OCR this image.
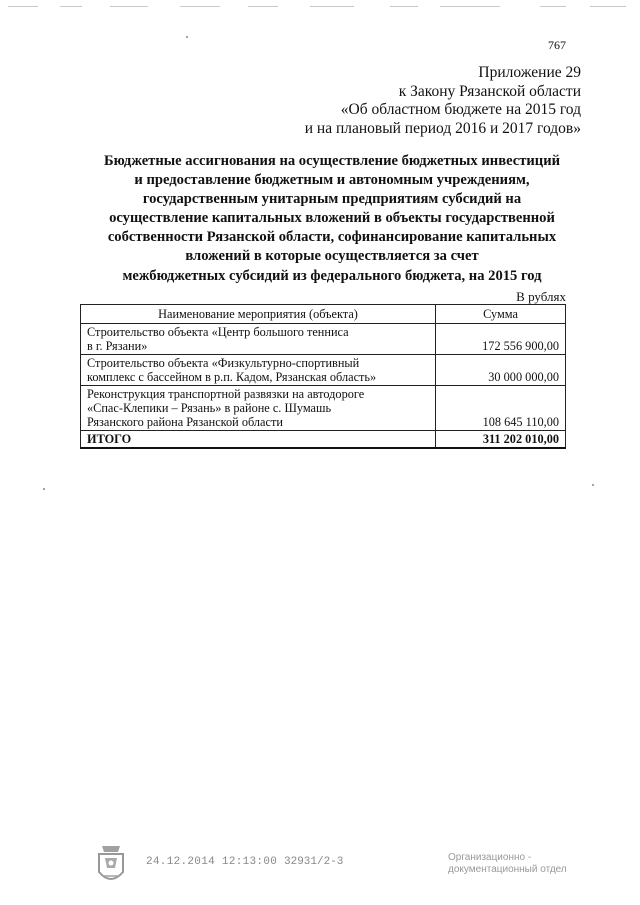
767
Приложение 29
к Закону Рязанской области
«Об областном бюджете на 2015 год
и на плановый период 2016 и 2017 годов»
Бюджетные ассигнования на осуществление бюджетных инвестиций
и предоставление бюджетным и автономным учреждениям,
государственным унитарным предприятиям субсидий на
осуществление капитальных вложений в объекты государственной
собственности Рязанской области, софинансирование капитальных
вложений в которые осуществляется за счет
межбюджетных субсидий из федерального бюджета, на 2015 год
В рублях
Наименование мероприятия (объекта)	Сумма

Строительство объекта «Центр большого тенниса
в г. Рязани»	172 556 900,00

Строительство объекта «Физкультурно-спортивный
комплекс с бассейном в р.п. Кадом, Рязанская область»	30 000 000,00

Реконструкция транспортной развязки на автодороге
«Спас-Клепики – Рязань» в районе с. Шумашь
Рязанского района Рязанской области	108 645 110,00
ИТОГО	311 202 010,00
24.12.2014 12:13:00 32931/2-3	Организационно -
документационный отдел
